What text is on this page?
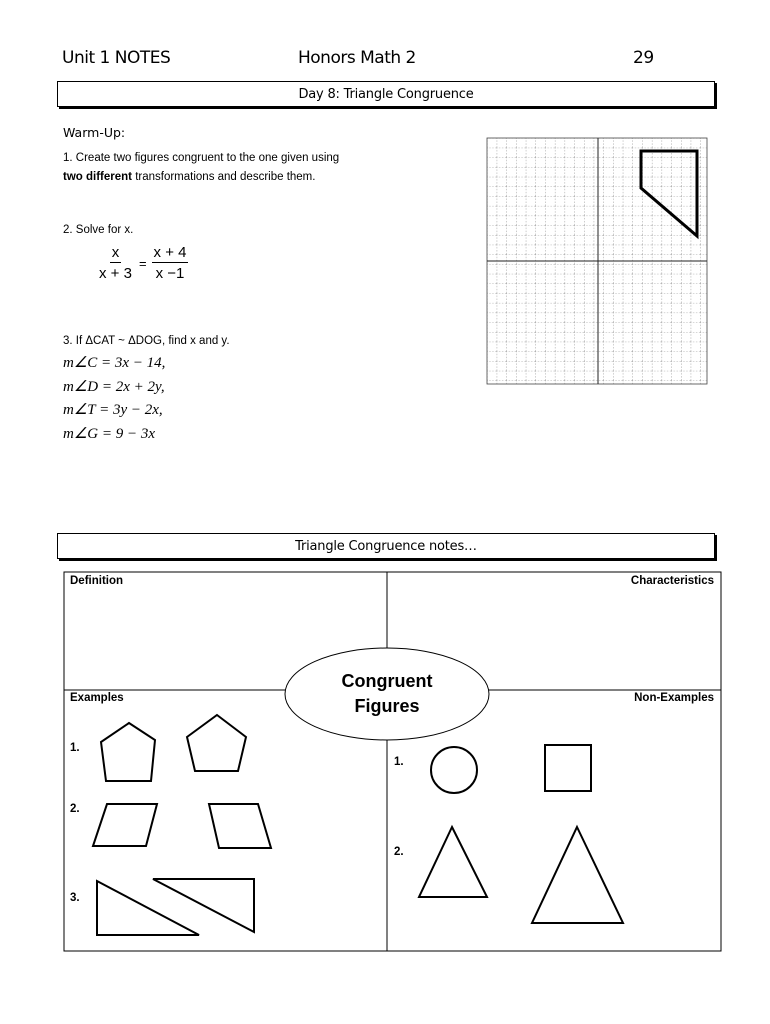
Unit 1 NOTES	Honors Math 2	29
Day 8: Triangle Congruence
Warm-Up:
1. Create two figures congruent to the one given using
two different transformations and describe them.
2. Solve for x.
$\frac{x}{x + 3} = \frac{x + 4}{x -1}$
3. If ΔCAT ~ ΔDOG, find x and y.
m∠C = 3x − 14,
m∠D = 2x + 2y,
m∠T = 3y − 2x,
m∠G = 9 − 3x
Triangle Congruence notes…
Definition	Characteristics
Examples	Non-Examples
Congruent
Figures
1.
2.
3.
1.
2.
